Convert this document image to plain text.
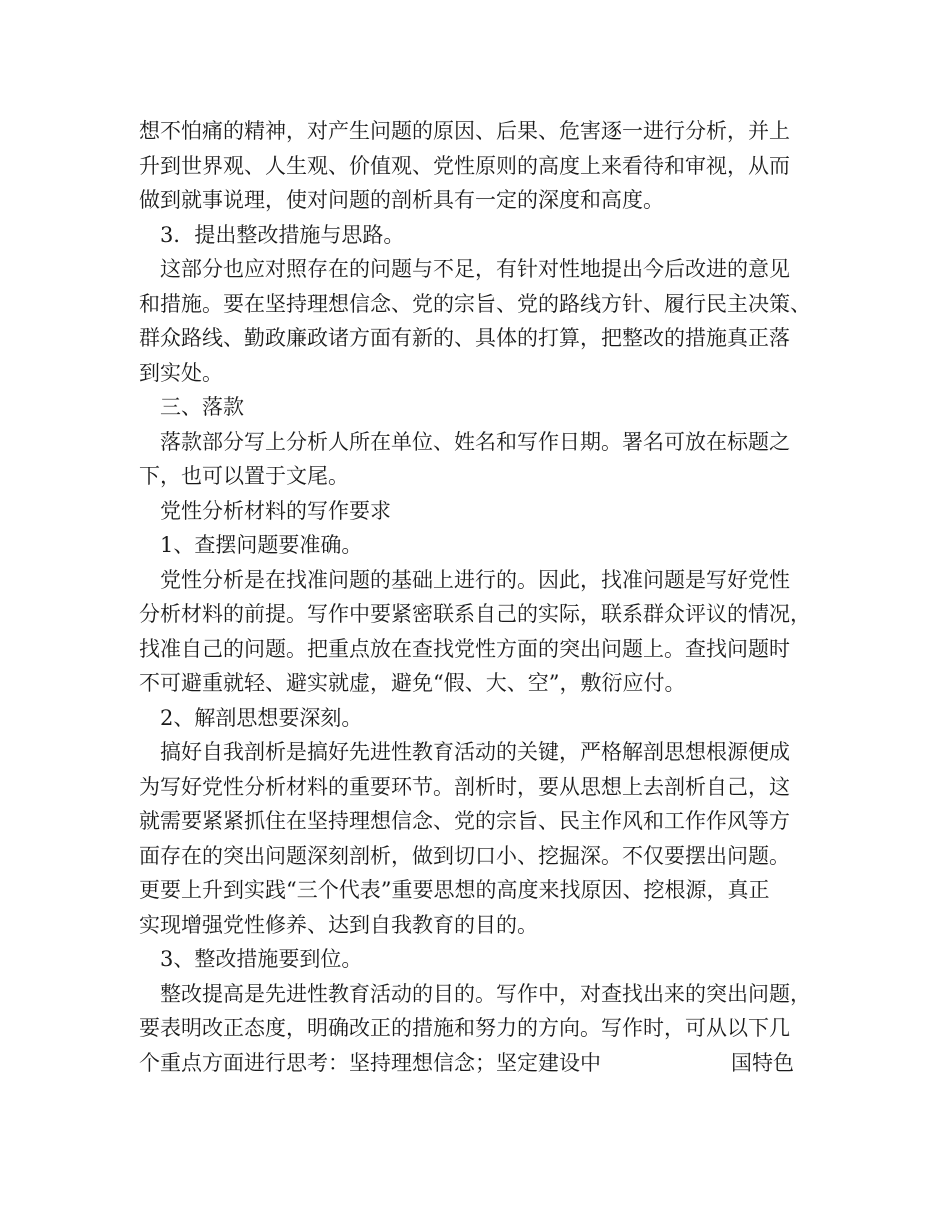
想不怕痛的精神，对产生问题的原因、后果、危害逐一进行分析，并上
升到世界观、人生观、价值观、党性原则的高度上来看待和审视，从而
做到就事说理，使对问题的剖析具有一定的深度和高度。
3．提出整改措施与思路。
这部分也应对照存在的问题与不足，有针对性地提出今后改进的意见
和措施。要在坚持理想信念、党的宗旨、党的路线方针、履行民主决策、
群众路线、勤政廉政诸方面有新的、具体的打算，把整改的措施真正落
到实处。
三、落款
落款部分写上分析人所在单位、姓名和写作日期。署名可放在标题之
下，也可以置于文尾。
党性分析材料的写作要求
1、查摆问题要准确。
党性分析是在找准问题的基础上进行的。因此，找准问题是写好党性
分析材料的前提。写作中要紧密联系自己的实际，联系群众评议的情况，
找准自己的问题。把重点放在查找党性方面的突出问题上。查找问题时
不可避重就轻、避实就虚，避免“假、大、空”，敷衍应付。
2、解剖思想要深刻。
搞好自我剖析是搞好先进性教育活动的关键，严格解剖思想根源便成
为写好党性分析材料的重要环节。剖析时，要从思想上去剖析自己，这
就需要紧紧抓住在坚持理想信念、党的宗旨、民主作风和工作作风等方
面存在的突出问题深刻剖析，做到切口小、挖掘深。不仅要摆出问题。
更要上升到实践“三个代表”重要思想的高度来找原因、挖根源，真正
实现增强党性修养、达到自我教育的目的。
3、整改措施要到位。
整改提高是先进性教育活动的目的。写作中，对查找出来的突出问题，
要表明改正态度，明确改正的措施和努力的方向。写作时，可从以下几
个重点方面进行思考：坚持理想信念；坚定建设中	国特色
